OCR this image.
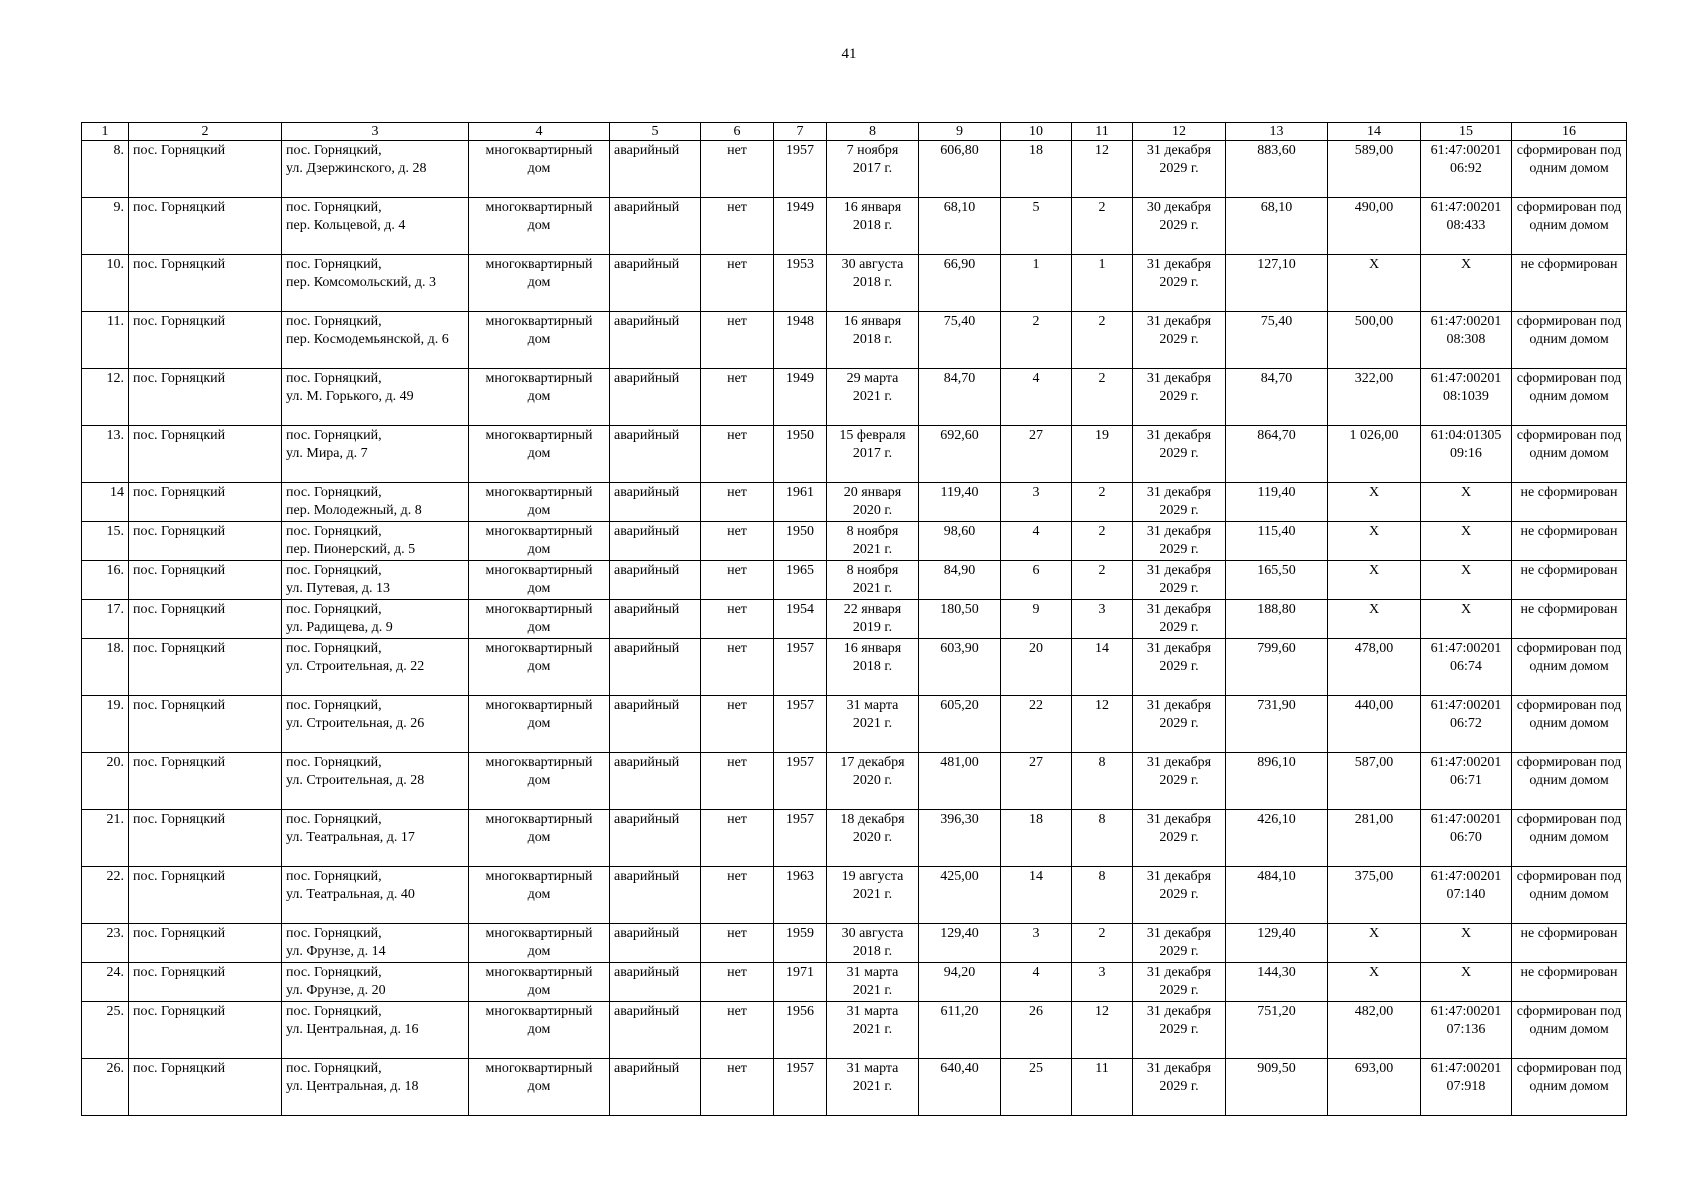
41
1	2	3	4	5	6	7	8	9	10	11	12	13	14	15	16
8.	пос. Горняцкий	пос. Горняцкий,
ул. Дзержинского, д. 28	многоквартирный дом	аварийный	нет	1957	7 ноября 2017 г.	606,80	18	12	31 декабря 2029 г.	883,60	589,00	61:47:00201 06:92	сформирован под одним домом
9.	пос. Горняцкий	пос. Горняцкий,
пер. Кольцевой, д. 4	многоквартирный дом	аварийный	нет	1949	16 января 2018 г.	68,10	5	2	30 декабря 2029 г.	68,10	490,00	61:47:00201 08:433	сформирован под одним домом
10.	пос. Горняцкий	пос. Горняцкий,
пер. Комсомольский, д. 3	многоквартирный дом	аварийный	нет	1953	30 августа 2018 г.	66,90	1	1	31 декабря 2029 г.	127,10	Х	Х	не сформирован
11.	пос. Горняцкий	пос. Горняцкий,
пер. Космодемьянской, д. 6	многоквартирный дом	аварийный	нет	1948	16 января 2018 г.	75,40	2	2	31 декабря 2029 г.	75,40	500,00	61:47:00201 08:308	сформирован под одним домом
12.	пос. Горняцкий	пос. Горняцкий,
ул. М. Горького, д. 49	многоквартирный дом	аварийный	нет	1949	29 марта 2021 г.	84,70	4	2	31 декабря 2029 г.	84,70	322,00	61:47:00201 08:1039	сформирован под одним домом
13.	пос. Горняцкий	пос. Горняцкий,
ул. Мира, д. 7	многоквартирный дом	аварийный	нет	1950	15 февраля 2017 г.	692,60	27	19	31 декабря 2029 г.	864,70	1 026,00	61:04:01305 09:16	сформирован под одним домом
14	пос. Горняцкий	пос. Горняцкий,
пер. Молодежный, д. 8	многоквартирный дом	аварийный	нет	1961	20 января 2020 г.	119,40	3	2	31 декабря 2029 г.	119,40	Х	Х	не сформирован
15.	пос. Горняцкий	пос. Горняцкий,
пер. Пионерский, д. 5	многоквартирный дом	аварийный	нет	1950	8 ноября 2021 г.	98,60	4	2	31 декабря 2029 г.	115,40	Х	Х	не сформирован
16.	пос. Горняцкий	пос. Горняцкий,
ул. Путевая, д. 13	многоквартирный дом	аварийный	нет	1965	8 ноября 2021 г.	84,90	6	2	31 декабря 2029 г.	165,50	Х	Х	не сформирован
17.	пос. Горняцкий	пос. Горняцкий,
ул. Радищева, д. 9	многоквартирный дом	аварийный	нет	1954	22 января 2019 г.	180,50	9	3	31 декабря 2029 г.	188,80	Х	Х	не сформирован
18.	пос. Горняцкий	пос. Горняцкий,
ул. Строительная, д. 22	многоквартирный дом	аварийный	нет	1957	16 января 2018 г.	603,90	20	14	31 декабря 2029 г.	799,60	478,00	61:47:00201 06:74	сформирован под одним домом
19.	пос. Горняцкий	пос. Горняцкий,
ул. Строительная, д. 26	многоквартирный дом	аварийный	нет	1957	31 марта 2021 г.	605,20	22	12	31 декабря 2029 г.	731,90	440,00	61:47:00201 06:72	сформирован под одним домом
20.	пос. Горняцкий	пос. Горняцкий,
ул. Строительная, д. 28	многоквартирный дом	аварийный	нет	1957	17 декабря 2020 г.	481,00	27	8	31 декабря 2029 г.	896,10	587,00	61:47:00201 06:71	сформирован под одним домом
21.	пос. Горняцкий	пос. Горняцкий,
ул. Театральная, д. 17	многоквартирный дом	аварийный	нет	1957	18 декабря 2020 г.	396,30	18	8	31 декабря 2029 г.	426,10	281,00	61:47:00201 06:70	сформирован под одним домом
22.	пос. Горняцкий	пос. Горняцкий,
ул. Театральная, д. 40	многоквартирный дом	аварийный	нет	1963	19 августа 2021 г.	425,00	14	8	31 декабря 2029 г.	484,10	375,00	61:47:00201 07:140	сформирован под одним домом
23.	пос. Горняцкий	пос. Горняцкий,
ул. Фрунзе, д. 14	многоквартирный дом	аварийный	нет	1959	30 августа 2018 г.	129,40	3	2	31 декабря 2029 г.	129,40	Х	Х	не сформирован
24.	пос. Горняцкий	пос. Горняцкий,
ул. Фрунзе, д. 20	многоквартирный дом	аварийный	нет	1971	31 марта 2021 г.	94,20	4	3	31 декабря 2029 г.	144,30	Х	Х	не сформирован
25.	пос. Горняцкий	пос. Горняцкий,
ул. Центральная, д. 16	многоквартирный дом	аварийный	нет	1956	31 марта 2021 г.	611,20	26	12	31 декабря 2029 г.	751,20	482,00	61:47:00201 07:136	сформирован под одним домом
26.	пос. Горняцкий	пос. Горняцкий,
ул. Центральная, д. 18	многоквартирный дом	аварийный	нет	1957	31 марта 2021 г.	640,40	25	11	31 декабря 2029 г.	909,50	693,00	61:47:00201 07:918	сформирован под одним домом
